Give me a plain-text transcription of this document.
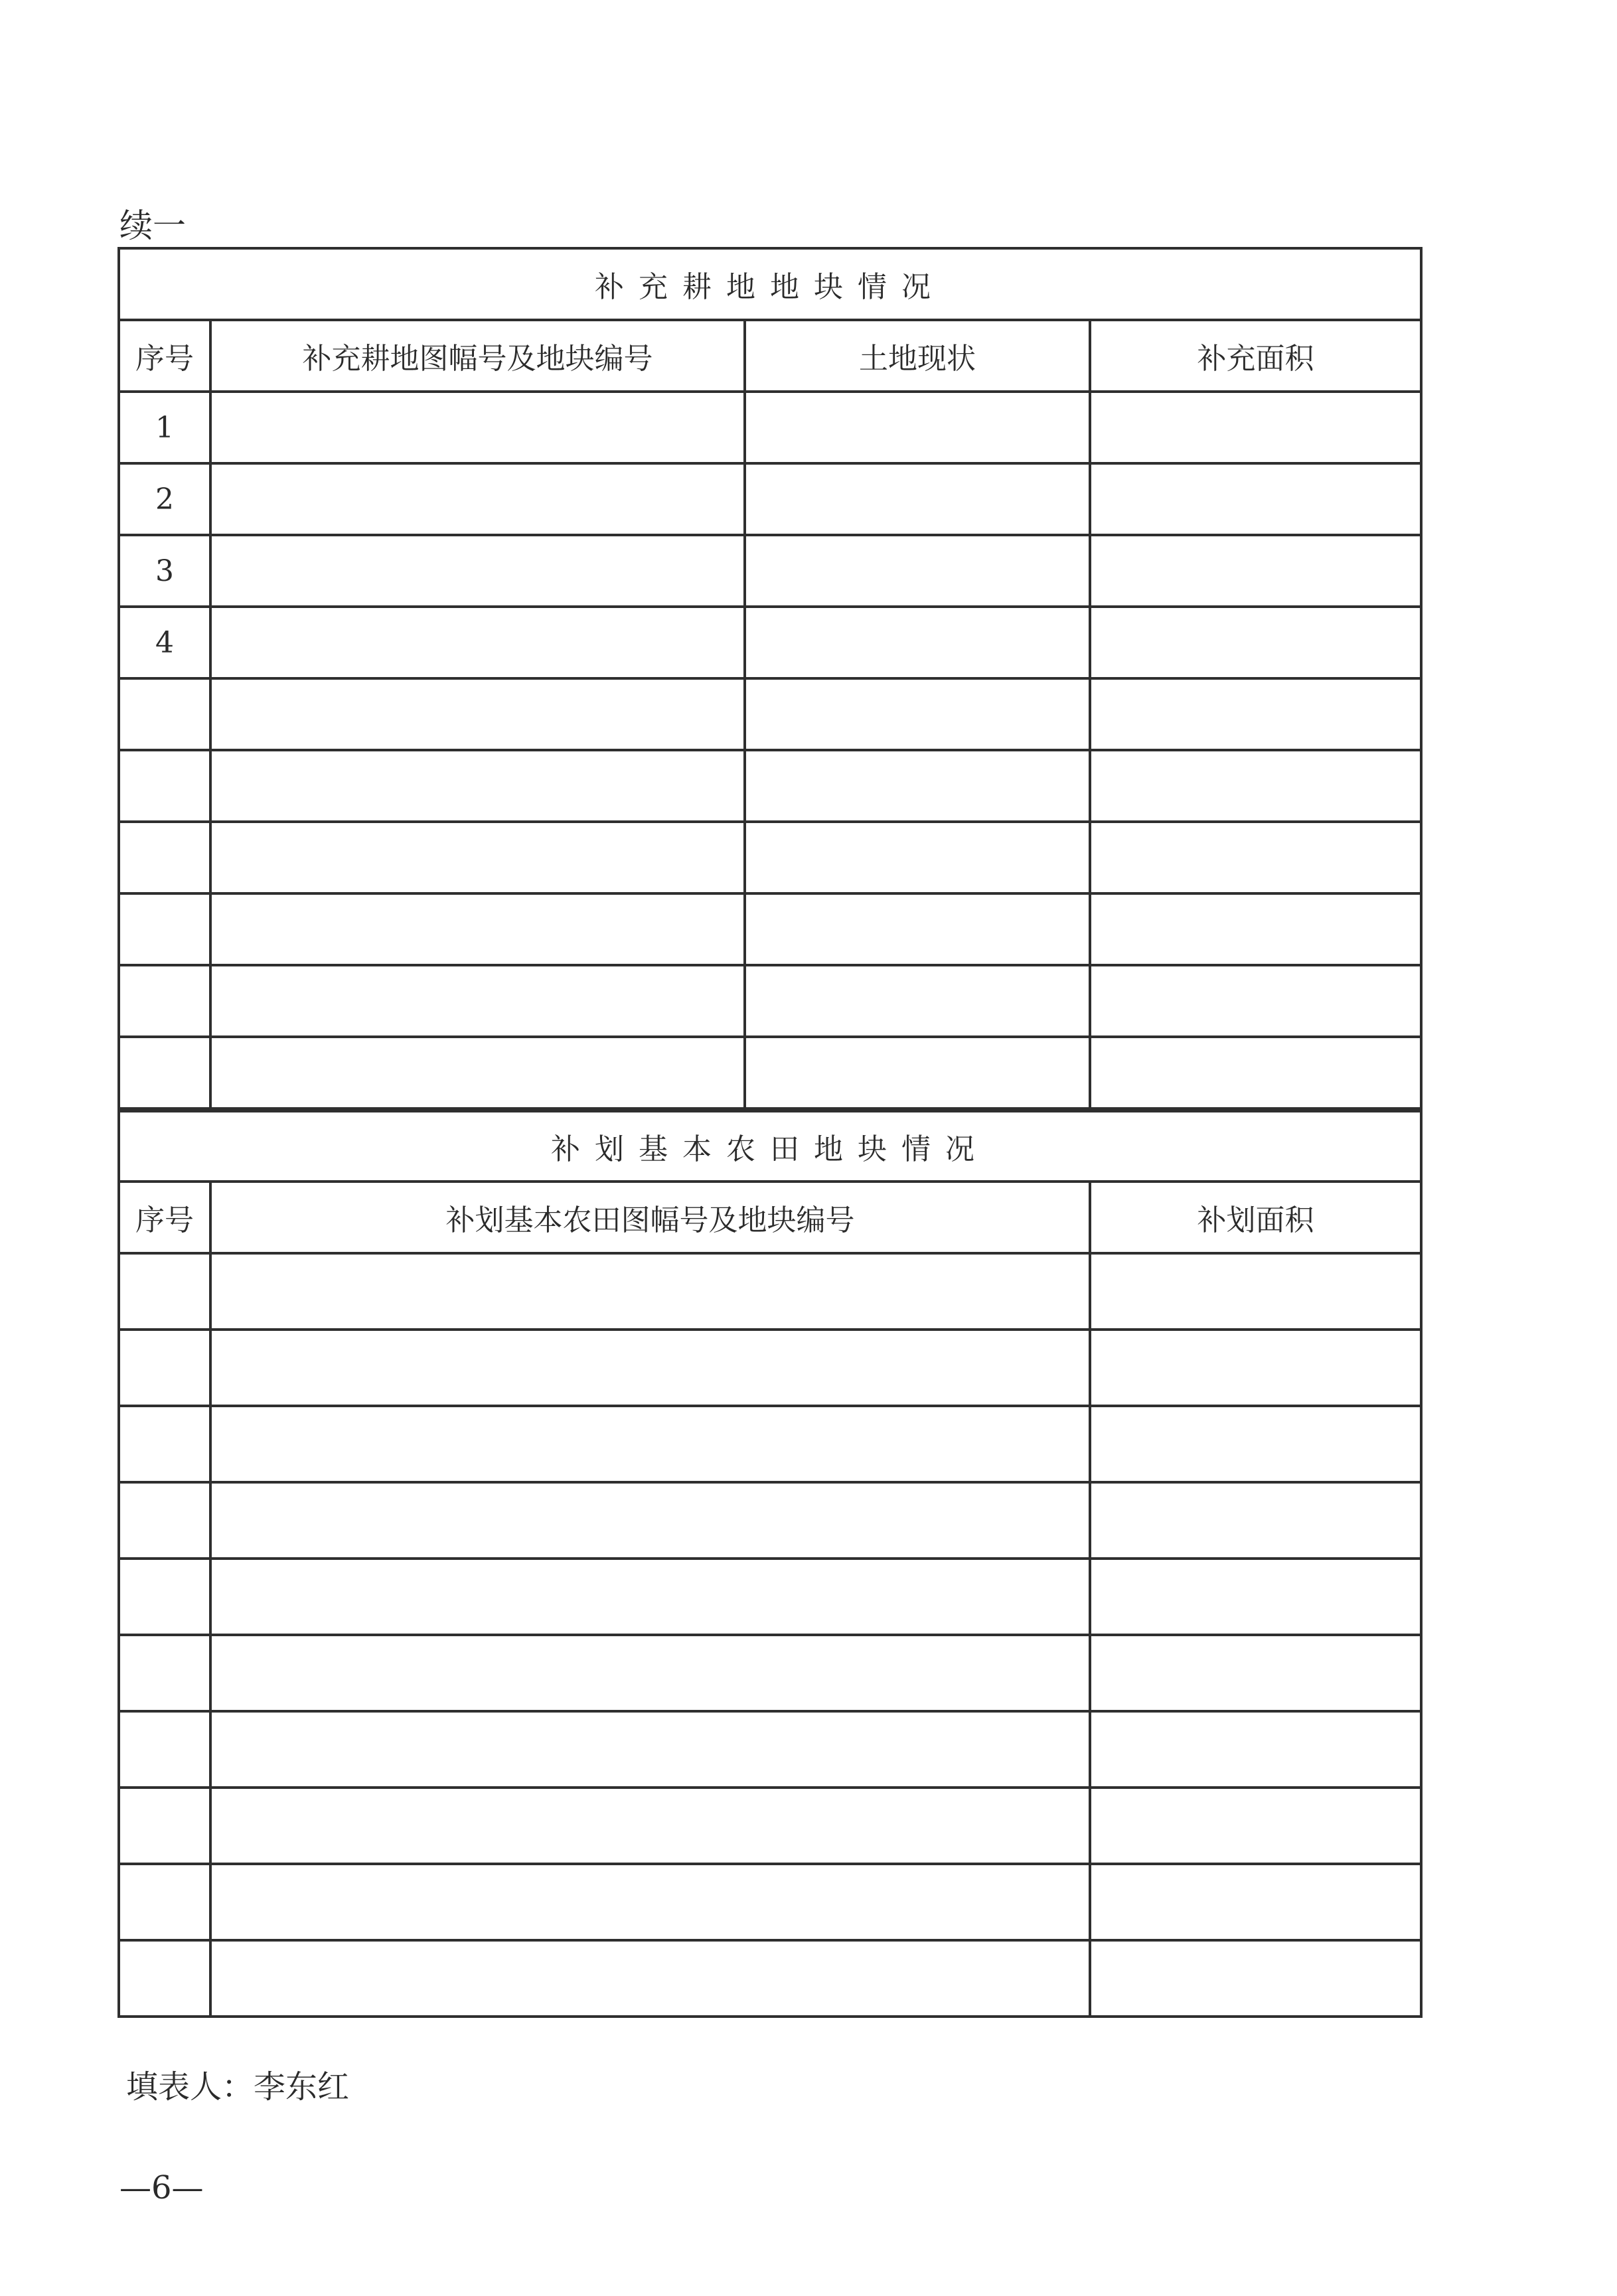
续一
补充耕地地块情况			
序号	补充耕地图幅号及地块编号	土地现状	补充面积
1			
2			
3			
4			

补划基本农田地块情况		
序号	补划基本农田图幅号及地块编号	补划面积

填表人：李东红
—6—
